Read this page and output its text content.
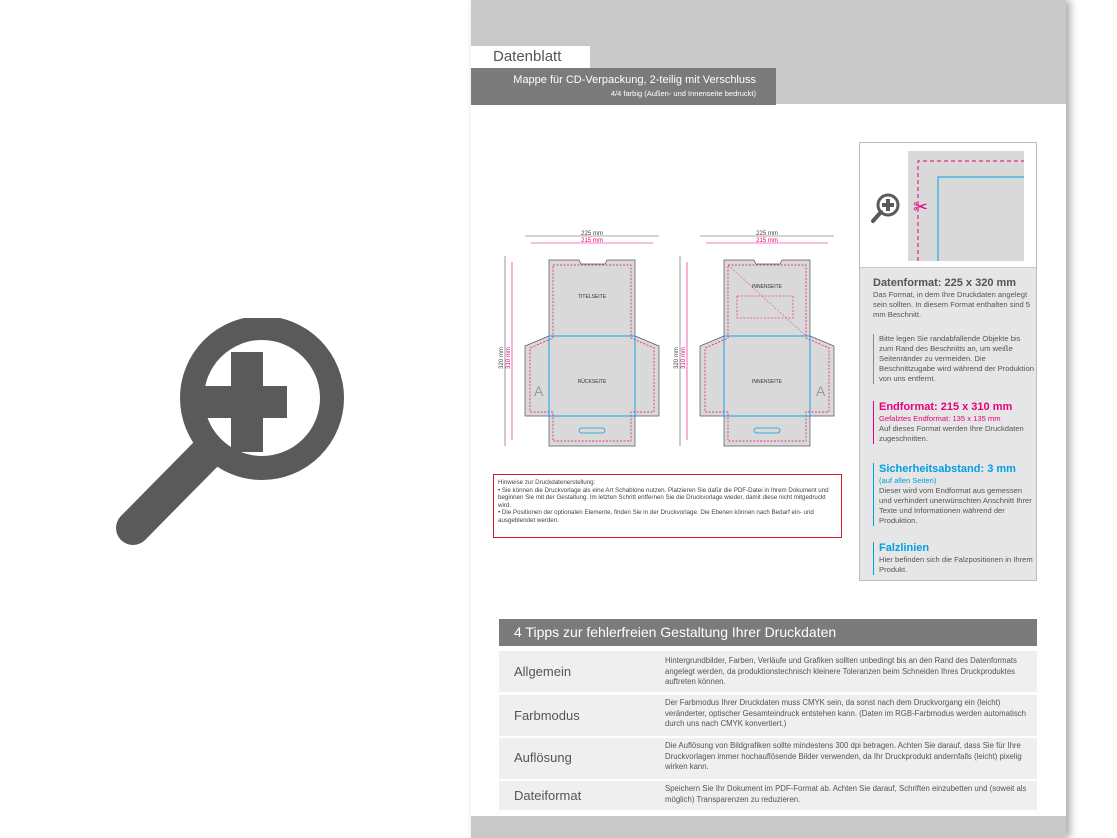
Datenblatt
Mappe für CD-Verpackung, 2-teilig mit Verschluss
4/4 farbig (Außen- und Innenseite bedruckt)
225 mm
215 mm
320 mm 310 mm
TITELSEITE
RÜCKSEITE
A
225 mm
215 mm
320 mm 310 mm
INNENSEITE
INNENSEITE
A
Hinweise zur Druckdatenerstellung:
• Sie können die Druckvorlage als eine Art Schablone nutzen. Platzieren Sie dafür die PDF-Datei in Ihrem Dokument und beginnen Sie mit der Gestaltung. Im letzten Schritt entfernen Sie die Druckvorlage wieder, damit diese nicht mitgedruckt wird.
• Die Positionen der optionalen Elemente, finden Sie in der Druckvorlage. Die Ebenen können nach Bedarf ein- und ausgeblendet werden.
✂
Datenformat: 225 x 320 mm
Das Format, in dem Ihre Druckdaten angelegt sein sollten. In diesem Format enthalten sind 5 mm Beschnitt.
Bitte legen Sie randabfallende Objekte bis zum Rand des Beschnitts an, um weiße Seitenränder zu vermeiden. Die Beschnittzugabe wird während der Produktion von uns entfernt.
Endformat: 215 x 310 mm
Gefalztes Endformat: 135 x 135 mm
Auf dieses Format werden Ihre Druckdaten zugeschnitten.
Sicherheitsabstand: 3 mm
(auf allen Seiten)
Dieser wird vom Endformat aus gemessen und verhindert unerwünschten Anschnitt Ihrer Texte und Informationen während der Produktion.
Falzlinien
Hier befinden sich die Falzpositionen in Ihrem Produkt.
4 Tipps zur fehlerfreien Gestaltung Ihrer Druckdaten
Allgemein
Hintergrundbilder, Farben, Verläufe und Grafiken sollten unbedingt bis an den Rand des Datenformats angelegt werden, da produktionstechnisch kleinere Toleranzen beim Schneiden Ihres Druckproduktes auftreten können.
Farbmodus
Der Farbmodus Ihrer Druckdaten muss CMYK sein, da sonst nach dem Druckvorgang ein (leicht) veränderter, optischer Gesamteindruck entstehen kann. (Daten im RGB-Farbmodus werden automatisch durch uns nach CMYK konvertiert.)
Auflösung
Die Auflösung von Bildgrafiken sollte mindestens 300 dpi betragen. Achten Sie darauf, dass Sie für Ihre Druckvorlagen immer hochauflösende Bilder verwenden, da Ihr Druckprodukt andernfalls (leicht) pixelig wirken kann.
Dateiformat	Speichern Sie Ihr Dokument im PDF-Format ab. Achten Sie darauf, Schriften einzubetten und (soweit als möglich) Transparenzen zu reduzieren.
